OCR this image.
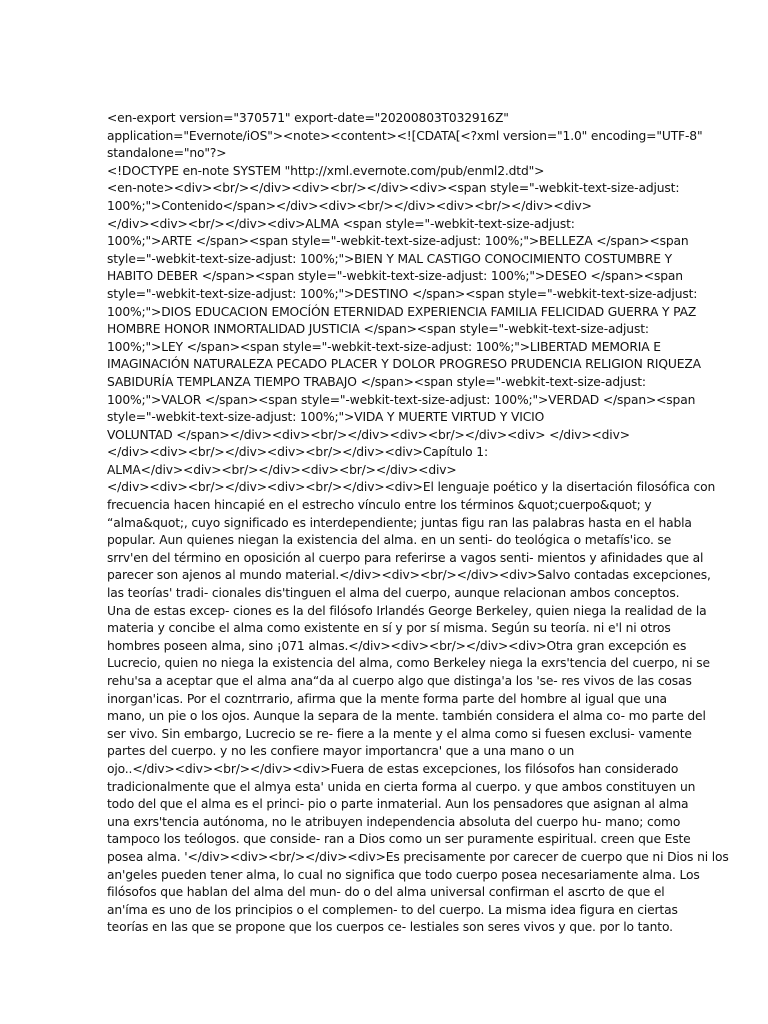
<en-export version="370571" export-date="20200803T032916Z"
application="Evernote/iOS"><note><content><![CDATA[<?xml version="1.0" encoding="UTF-8"
standalone="no"?>
<!DOCTYPE en-note SYSTEM "http://xml.evernote.com/pub/enml2.dtd">
<en-note><div><br/></div><div><br/></div><div><span style="-webkit-text-size-adjust:
100%;">Contenido</span></div><div><br/></div><div><br/></div><div>
</div><div><br/></div><div>ALMA <span style="-webkit-text-size-adjust:
100%;">ARTE </span><span style="-webkit-text-size-adjust: 100%;">BELLEZA </span><span
style="-webkit-text-size-adjust: 100%;">BIEN Y MAL CASTIGO CONOCIMIENTO COSTUMBRE Y
HABITO DEBER </span><span style="-webkit-text-size-adjust: 100%;">DESEO </span><span
style="-webkit-text-size-adjust: 100%;">DESTINO </span><span style="-webkit-text-size-adjust:
100%;">DIOS EDUCACION EMOCÍÓN ETERNIDAD EXPERIENCIA FAMILIA FELICIDAD GUERRA Y PAZ
HOMBRE HONOR INMORTALIDAD JUSTICIA </span><span style="-webkit-text-size-adjust:
100%;">LEY </span><span style="-webkit-text-size-adjust: 100%;">LIBERTAD MEMORIA E
IMAGINACIÓN NATURALEZA PECADO PLACER Y DOLOR PROGRESO PRUDENCIA RELIGION RIQUEZA
SABIDURÍA TEMPLANZA TIEMPO TRABAJO </span><span style="-webkit-text-size-adjust:
100%;">VALOR </span><span style="-webkit-text-size-adjust: 100%;">VERDAD </span><span
style="-webkit-text-size-adjust: 100%;">VIDA Y MUERTE VIRTUD Y VICIO
VOLUNTAD </span></div><div><br/></div><div><br/></div><div> </div><div>
</div><div><br/></div><div><br/></div><div>Capítulo 1:
ALMA</div><div><br/></div><div><br/></div><div>
</div><div><br/></div><div><br/></div><div>El lenguaje poético y la disertación filosófica con
frecuencia hacen hincapié en el estrecho vínculo entre los términos &quot;cuerpo&quot; y
“alma&quot;, cuyo significado es interdependiente; juntas figu ran las palabras hasta en el habla
popular. Aun quienes niegan la existencia del alma. en un senti- do teológica o metafís'ico. se
srrv'en del término en oposición al cuerpo para referirse a vagos senti- mientos y afinidades que al
parecer son ajenos al mundo material.</div><div><br/></div><div>Salvo contadas excepciones,
las teorías' tradi- cionales dis'tinguen el alma del cuerpo, aunque relacionan ambos conceptos.
Una de estas excep- ciones es la del filósofo Irlandés George Berkeley, quien niega la realidad de la
materia y concibe el alma como existente en sí y por sí misma. Según su teoría. ni e'l ni otros
hombres poseen alma, sino ¡071 almas.</div><div><br/></div><div>Otra gran excepción es
Lucrecio, quien no niega la existencia del alma, como Berkeley niega la exrs'tencia del cuerpo, ni se
rehu'sa a aceptar que el alma ana“da al cuerpo algo que distinga'a los 'se- res vivos de las cosas
inorgan'icas. Por el cozntrrario, afirma que la mente forma parte del hombre al igual que una
mano, un pie o los ojos. Aunque la separa de la mente. también considera el alma co- mo parte del
ser vivo. Sin embargo, Lucrecio se re- fiere a la mente y el alma como si fuesen exclusi- vamente
partes del cuerpo. y no les confiere mayor importancra' que a una mano o un
ojo..</div><div><br/></div><div>Fuera de estas excepciones, los filósofos han considerado
tradicionalmente que el almya esta' unida en cierta forma al cuerpo. y que ambos constituyen un
todo del que el alma es el princi- pio o parte inmaterial. Aun los pensadores que asignan al alma
una exrs'tencia autónoma, no le atribuyen independencia absoluta del cuerpo hu- mano; como
tampoco los teólogos. que conside- ran a Dios como un ser puramente espiritual. creen que Este
posea alma. '</div><div><br/></div><div>Es precisamente por carecer de cuerpo que ni Dios ni los
an'geles pueden tener alma, lo cual no significa que todo cuerpo posea necesariamente alma. Los
filósofos que hablan del alma del mun- do o del alma universal confirman el ascrto de que el
an'íma es uno de los principios o el complemen- to del cuerpo. La misma idea figura en ciertas
teorías en las que se propone que los cuerpos ce- lestiales son seres vivos y que. por lo tanto.
